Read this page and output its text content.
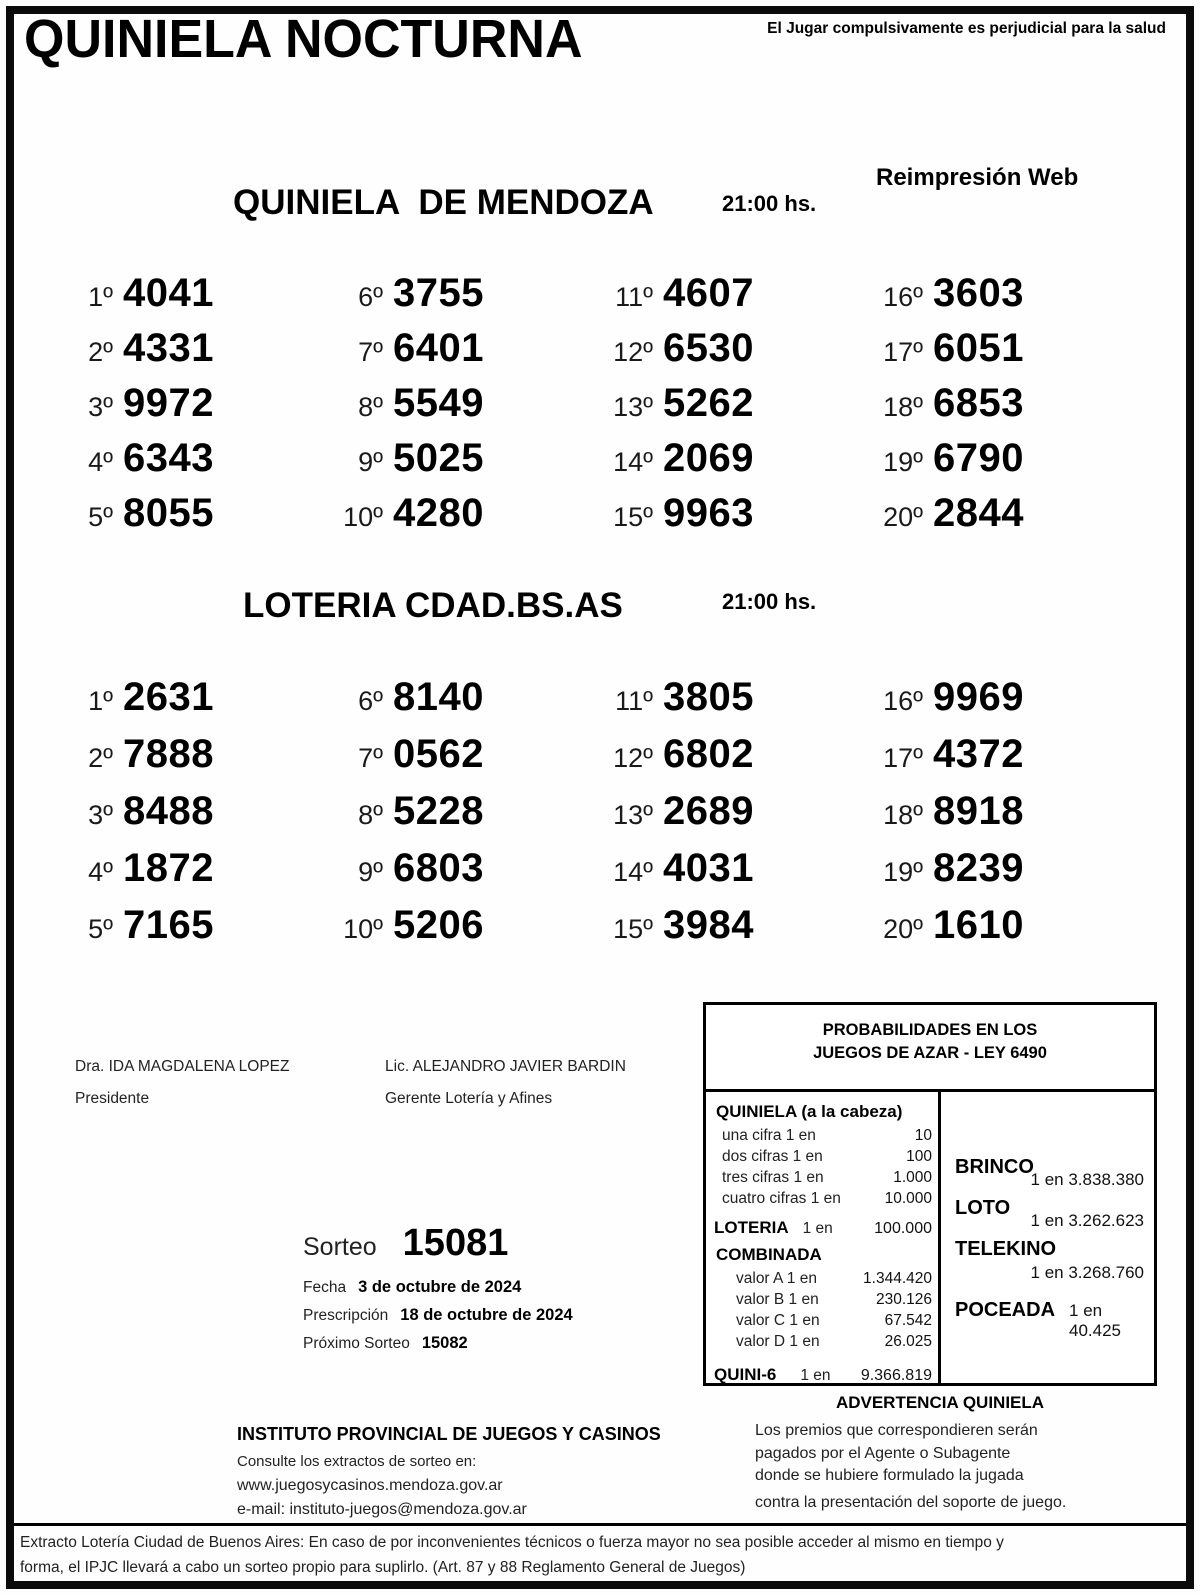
QUINIELA NOCTURNA	El Jugar compulsivamente es perjudicial para la salud
QUINIELA  DE MENDOZA	21:00 hs.
Reimpresión Web
1º 4041
2º 4331
3º 9972
4º 6343
5º 8055
6º 3755
7º 6401
8º 5549
9º 5025
10º 4280
11º 4607
12º 6530
13º 5262
14º 2069
15º 9963
16º 3603
17º 6051
18º 6853
19º 6790
20º 2844
LOTERIA CDAD.BS.AS	21:00 hs.
1º 2631
2º 7888
3º 8488
4º 1872
5º 7165
6º 8140
7º 0562
8º 5228
9º 6803
10º 5206
11º 3805
12º 6802
13º 2689
14º 4031
15º 3984
16º 9969
17º 4372
18º 8918
19º 8239
20º 1610
Dra. IDA MAGDALENA LOPEZ
Presidente
Lic. ALEJANDRO JAVIER BARDIN
Gerente Lotería y Afines
Sorteo 15081
Fecha 3 de octubre de 2024
Prescripción 18 de octubre de 2024
Próximo Sorteo 15082
PROBABILIDADES EN LOS
JUEGOS DE AZAR - LEY 6490
QUINIELA (a la cabeza)
una cifra 1 en	10
dos cifras 1 en	100
tres cifras 1 en	1.000
cuatro cifras 1 en	10.000
LOTERIA 1 en	100.000
COMBINADA
valor A 1 en	1.344.420
valor B 1 en	230.126
valor C 1 en	67.542
valor D 1 en	26.025
QUINI-6 1 en	9.366.819
BRINCO
1 en 3.838.380
LOTO
1 en 3.262.623
TELEKINO
1 en 3.268.760
POCEADA 1 en 40.425
ADVERTENCIA QUINIELA
Los premios que correspondieren serán
pagados por el Agente o Subagente
donde se hubiere formulado la jugada
contra la presentación del soporte de juego.
INSTITUTO PROVINCIAL DE JUEGOS Y CASINOS
Consulte los extractos de sorteo en:
www.juegosycasinos.mendoza.gov.ar
e-mail: instituto-juegos@mendoza.gov.ar
Extracto Lotería Ciudad de Buenos Aires: En caso de por inconvenientes técnicos o fuerza mayor no sea posible acceder al mismo en tiempo y
forma, el IPJC llevará a cabo un sorteo propio para suplirlo. (Art. 87 y 88 Reglamento General de Juegos)
